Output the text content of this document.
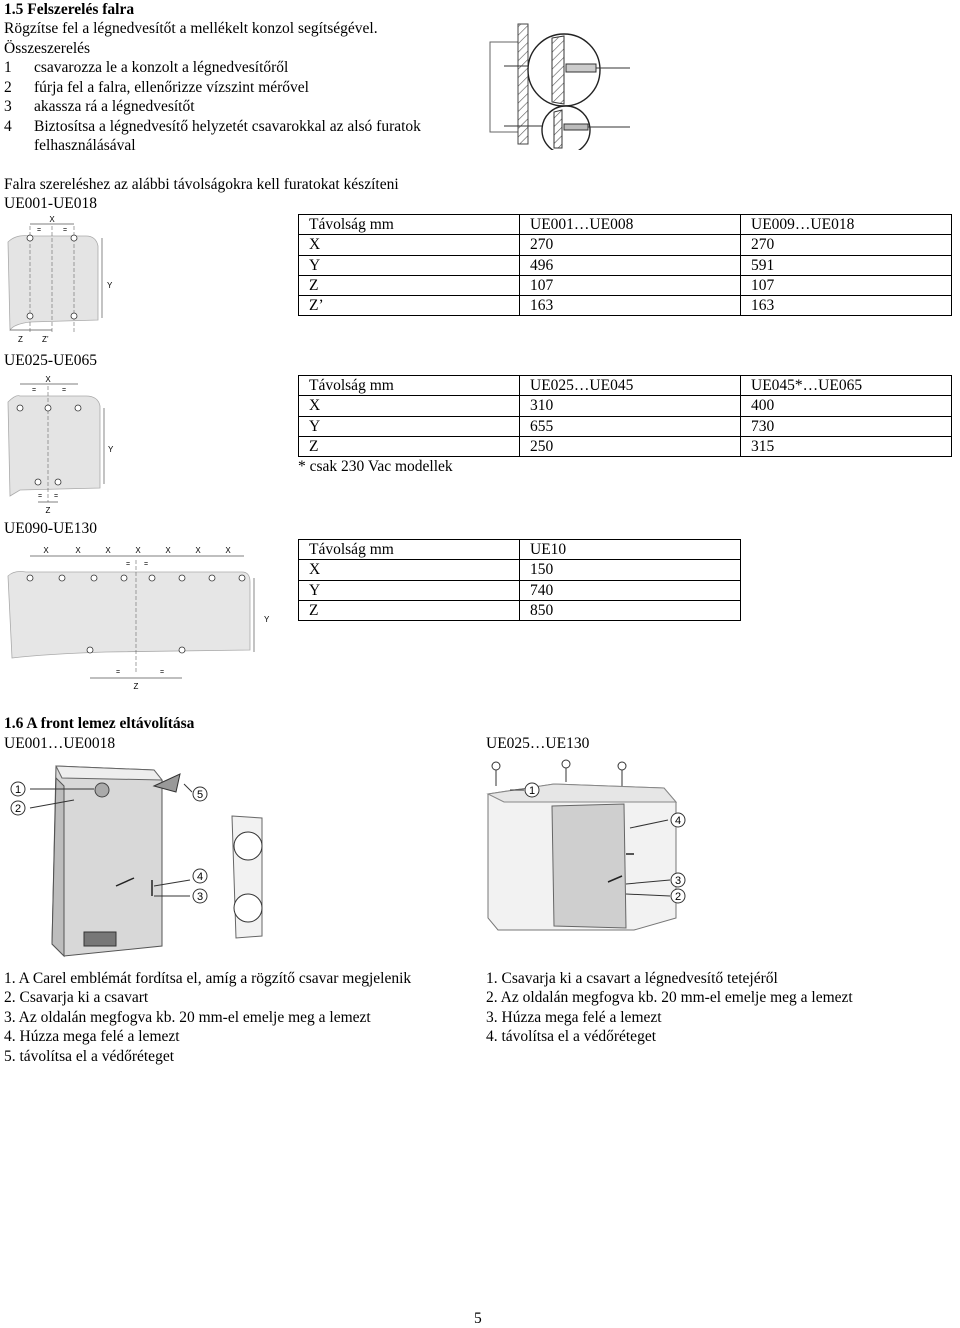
1.5 Felszerelés falra
Rögzítse fel a légnedvesítőt a mellékelt konzol segítségével.
Összeszerelés
1 csavarozza le a konzolt a légnedvesítőről
2 fúrja fel a falra, ellenőrizze vízszint mérővel
3 akassza rá a légnedvesítőt
4 Biztosítsa a légnedvesítő helyzetét csavarokkal az alsó furatok
felhasználásával
Falra szereléshez az alábbi távolságokra kell furatokat készíteni
UE001-UE018
X
=	=
Y
Z Z’
Távolság mm	UE001…UE008	UE009…UE018
X	270	270
Y	496	591
Z	107	107
Z’	163	163
UE025-UE065
X
=	=
Y
= =
Z
Távolság mm	UE025…UE045	UE045*…UE065
X	310	400
Y	655	730
Z	250	315
* csak 230 Vac modellek
UE090-UE130
X	X	X	X	X	X	X
= =
Y
=	=
Z
Távolság mm	UE10
X	150
Y	740
Z	850
1.6 A front lemez eltávolítása
UE001…UE0018	UE025…UE130
1
2
3
4
5	1
2
3
4
1. A Carel emblémát fordítsa el, amíg a rögzítő csavar megjelenik
2. Csavarja ki a csavart
3. Az oldalán megfogva kb. 20 mm-el emelje meg a lemezt
4. Húzza mega felé a lemezt
5. távolítsa el a védőréteget
1. Csavarja ki a csavart a légnedvesítő tetejéről
2. Az oldalán megfogva kb. 20 mm-el emelje meg a lemezt
3. Húzza mega felé a lemezt
4. távolítsa el a védőréteget
5
